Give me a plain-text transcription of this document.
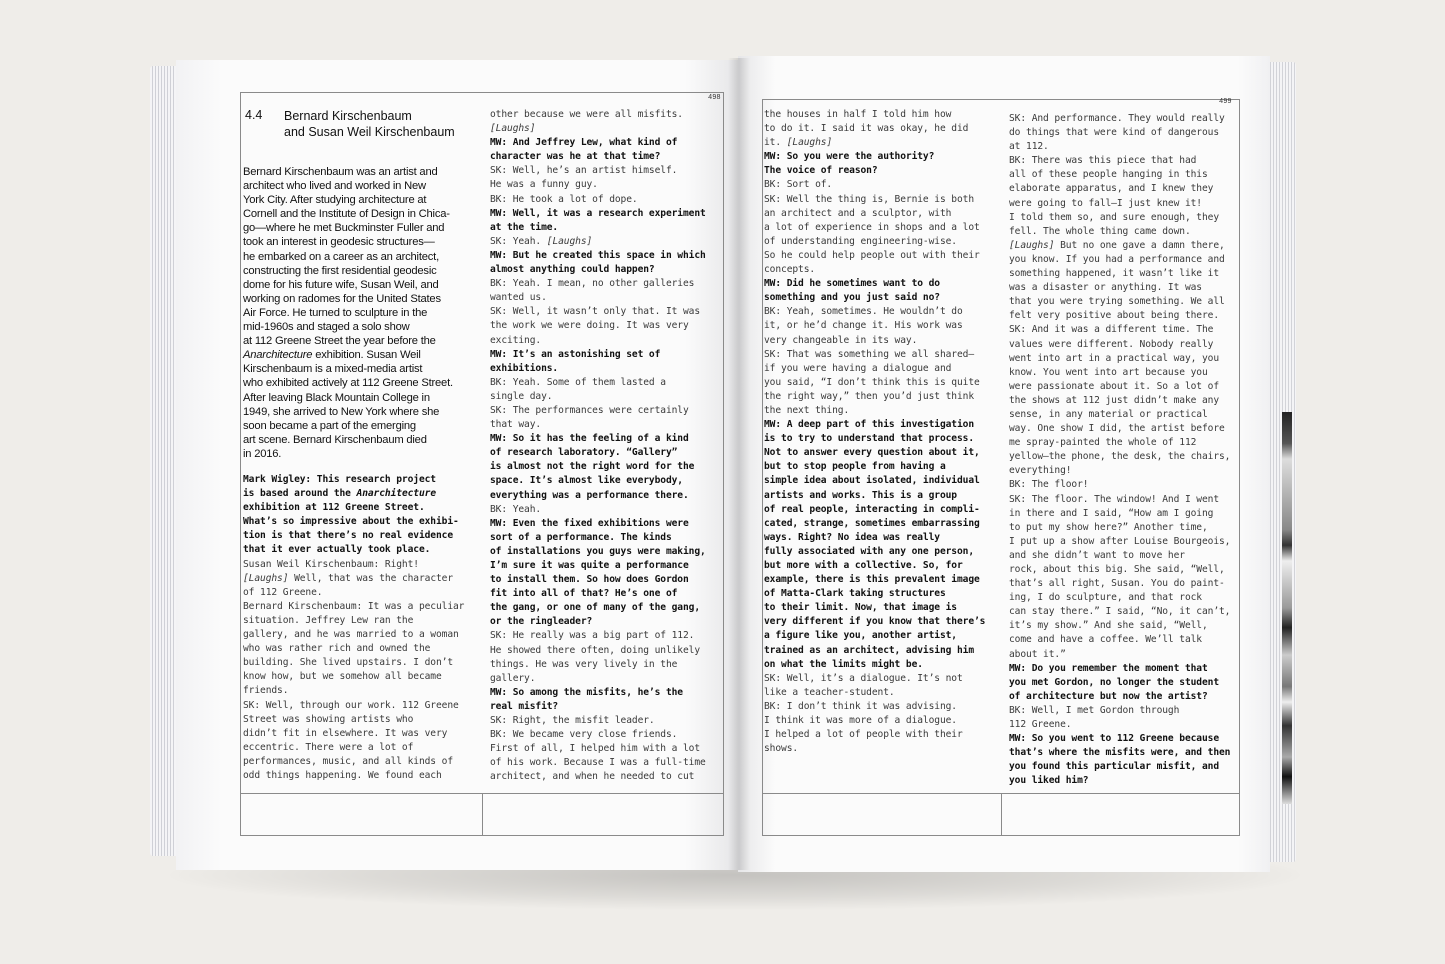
498	499
4.4 Bernard Kirschenbaum
and Susan Weil Kirschenbaum
Bernard Kirschenbaum was an artist and
architect who lived and worked in New
York City. After studying architecture at
Cornell and the Institute of Design in Chica-
go—where he met Buckminster Fuller and
took an interest in geodesic structures—
he embarked on a career as an architect,
constructing the first residential geodesic
dome for his future wife, Susan Weil, and
working on radomes for the United States
Air Force. He turned to sculpture in the
mid-1960s and staged a solo show
at 112 Greene Street the year before the
Anarchitecture exhibition. Susan Weil
Kirschenbaum is a mixed-media artist
who exhibited actively at 112 Greene Street.
After leaving Black Mountain College in
1949, she arrived to New York where she
soon became a part of the emerging
art scene. Bernard Kirschenbaum died
in 2016.
Mark Wigley: This research project
is based around the Anarchitecture
exhibition at 112 Greene Street.
What’s so impressive about the exhibi-
tion is that there’s no real evidence
that it ever actually took place.
Susan Weil Kirschenbaum: Right!
[Laughs] Well, that was the character
of 112 Greene.
Bernard Kirschenbaum: It was a peculiar
situation. Jeffrey Lew ran the
gallery, and he was married to a woman
who was rather rich and owned the
building. She lived upstairs. I don’t
know how, but we somehow all became
friends.
SK: Well, through our work. 112 Greene
Street was showing artists who
didn’t fit in elsewhere. It was very
eccentric. There were a lot of
performances, music, and all kinds of
odd things happening. We found each
other because we were all misfits.
[Laughs]
MW: And Jeffrey Lew, what kind of
character was he at that time?
SK: Well, he’s an artist himself.
He was a funny guy.
BK: He took a lot of dope.
MW: Well, it was a research experiment
at the time.
SK: Yeah. [Laughs]
MW: But he created this space in which
almost anything could happen?
BK: Yeah. I mean, no other galleries
wanted us.
SK: Well, it wasn’t only that. It was
the work we were doing. It was very
exciting.
MW: It’s an astonishing set of
exhibitions.
BK: Yeah. Some of them lasted a
single day.
SK: The performances were certainly
that way.
MW: So it has the feeling of a kind
of research laboratory. “Gallery”
is almost not the right word for the
space. It’s almost like everybody,
everything was a performance there.
BK: Yeah.
MW: Even the fixed exhibitions were
sort of a performance. The kinds
of installations you guys were making,
I’m sure it was quite a performance
to install them. So how does Gordon
fit into all of that? He’s one of
the gang, or one of many of the gang,
or the ringleader?
SK: He really was a big part of 112.
He showed there often, doing unlikely
things. He was very lively in the
gallery.
MW: So among the misfits, he’s the
real misfit?
SK: Right, the misfit leader.
BK: We became very close friends.
First of all, I helped him with a lot
of his work. Because I was a full-time
architect, and when he needed to cut
the houses in half I told him how
to do it. I said it was okay, he did
it. [Laughs]
MW: So you were the authority?
The voice of reason?
BK: Sort of.
SK: Well the thing is, Bernie is both
an architect and a sculptor, with
a lot of experience in shops and a lot
of understanding engineering-wise.
So he could help people out with their
concepts.
MW: Did he sometimes want to do
something and you just said no?
BK: Yeah, sometimes. He wouldn’t do
it, or he’d change it. His work was
very changeable in its way.
SK: That was something we all shared–
if you were having a dialogue and
you said, “I don’t think this is quite
the right way,” then you’d just think
the next thing.
MW: A deep part of this investigation
is to try to understand that process.
Not to answer every question about it,
but to stop people from having a
simple idea about isolated, individual
artists and works. This is a group
of real people, interacting in compli-
cated, strange, sometimes embarrassing
ways. Right? No idea was really
fully associated with any one person,
but more with a collective. So, for
example, there is this prevalent image
of Matta-Clark taking structures
to their limit. Now, that image is
very different if you know that there’s
a figure like you, another artist,
trained as an architect, advising him
on what the limits might be.
SK: Well, it’s a dialogue. It’s not
like a teacher-student.
BK: I don’t think it was advising.
I think it was more of a dialogue.
I helped a lot of people with their
shows.
SK: And performance. They would really
do things that were kind of dangerous
at 112.
BK: There was this piece that had
all of these people hanging in this
elaborate apparatus, and I knew they
were going to fall—I just knew it!
I told them so, and sure enough, they
fell. The whole thing came down.
[Laughs] But no one gave a damn there,
you know. If you had a performance and
something happened, it wasn’t like it
was a disaster or anything. It was
that you were trying something. We all
felt very positive about being there.
SK: And it was a different time. The
values were different. Nobody really
went into art in a practical way, you
know. You went into art because you
were passionate about it. So a lot of
the shows at 112 just didn’t make any
sense, in any material or practical
way. One show I did, the artist before
me spray-painted the whole of 112
yellow–the phone, the desk, the chairs,
everything!
BK: The floor!
SK: The floor. The window! And I went
in there and I said, “How am I going
to put my show here?” Another time,
I put up a show after Louise Bourgeois,
and she didn’t want to move her
rock, about this big. She said, “Well,
that’s all right, Susan. You do paint-
ing, I do sculpture, and that rock
can stay there.” I said, “No, it can’t,
it’s my show.” And she said, “Well,
come and have a coffee. We’ll talk
about it.”
MW: Do you remember the moment that
you met Gordon, no longer the student
of architecture but now the artist?
BK: Well, I met Gordon through
112 Greene.
MW: So you went to 112 Greene because
that’s where the misfits were, and then
you found this particular misfit, and
you liked him?
